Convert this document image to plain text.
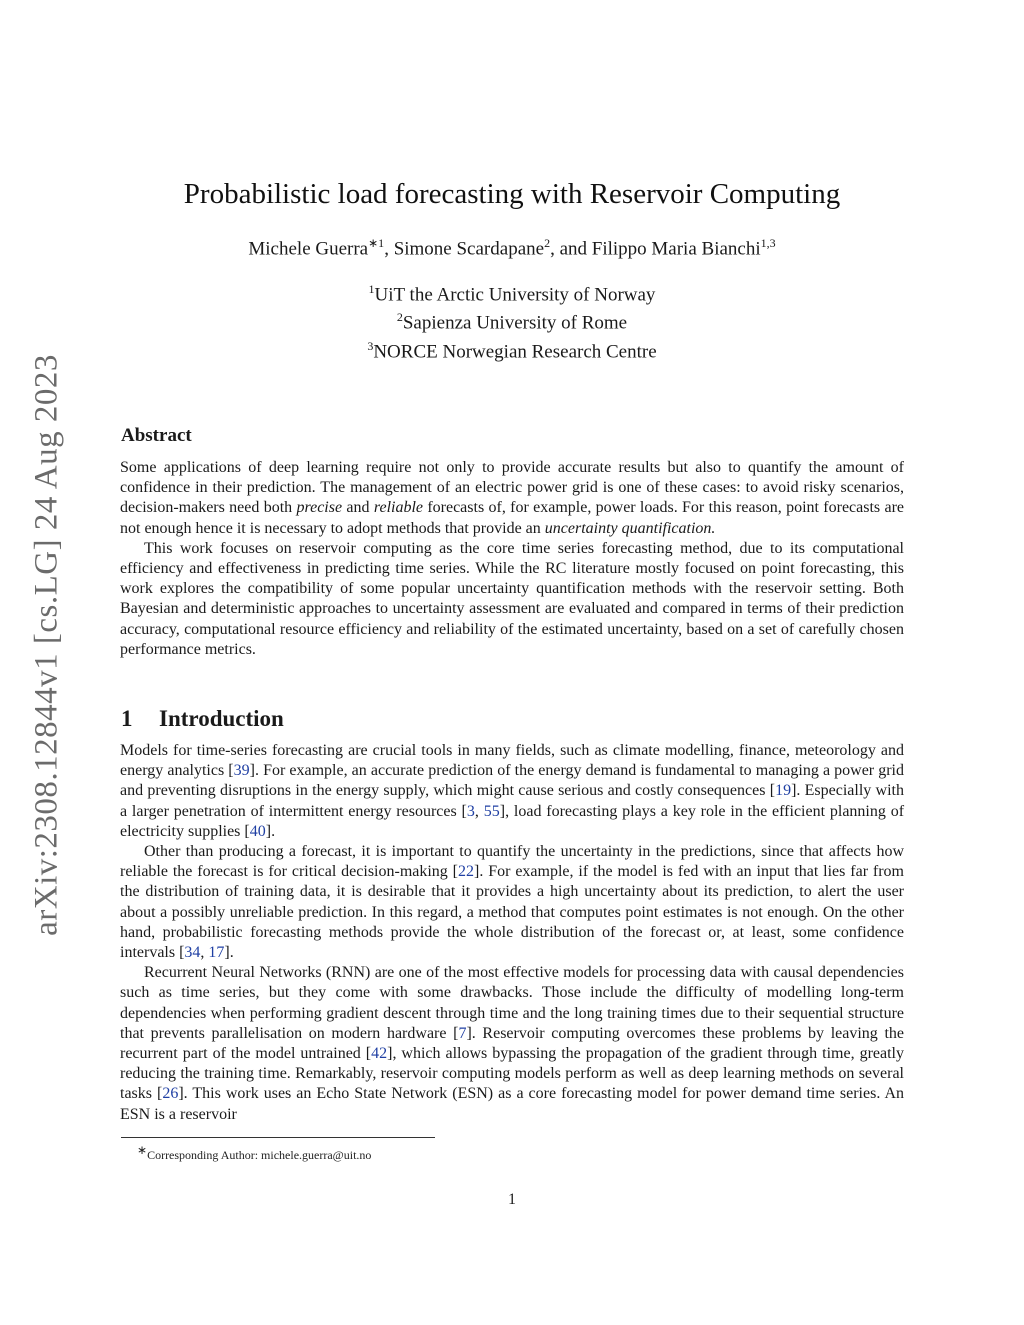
arXiv:2308.12844v1 [cs.LG] 24 Aug 2023
Probabilistic load forecasting with Reservoir Computing
Michele Guerra$^{∗1}$, Simone Scardapane$^2$, and Filippo Maria Bianchi$^{1,3}$
$^1$UiT the Arctic University of Norway
$^2$Sapienza University of Rome
$^3$NORCE Norwegian Research Centre
Abstract

Some applications of deep learning require not only to provide accurate results but also to quantify the amount of confidence in their prediction. The management of an electric power grid is one of these cases: to avoid risky scenarios, decision-makers need both precise and reliable forecasts of, for example, power loads. For this reason, point forecasts are not enough hence it is necessary to adopt methods that provide an uncertainty quantification.

This work focuses on reservoir computing as the core time series forecasting method, due to its computational efficiency and effectiveness in predicting time series. While the RC literature mostly focused on point forecasting, this work explores the compatibility of some popular uncertainty quantification methods with the reservoir setting. Both Bayesian and deterministic approaches to uncertainty assessment are evaluated and compared in terms of their prediction accuracy, computational resource efficiency and reliability of the estimated uncertainty, based on a set of carefully chosen performance metrics.

1 Introduction

Models for time-series forecasting are crucial tools in many fields, such as climate modelling, finance, meteorology and energy analytics [39]. For example, an accurate prediction of the energy demand is fundamental to managing a power grid and preventing disruptions in the energy supply, which might cause serious and costly consequences [19]. Especially with a larger penetration of intermittent energy resources [3, 55], load forecasting plays a key role in the efficient planning of electricity supplies [40].

Other than producing a forecast, it is important to quantify the uncertainty in the predictions, since that affects how reliable the forecast is for critical decision-making [22]. For example, if the model is fed with an input that lies far from the distribution of training data, it is desirable that it provides a high uncertainty about its prediction, to alert the user about a possibly unreliable prediction. In this regard, a method that computes point estimates is not enough. On the other hand, probabilistic forecasting methods provide the whole distribution of the forecast or, at least, some confidence intervals [34, 17].

Recurrent Neural Networks (RNN) are one of the most effective models for processing data with causal dependencies such as time series, but they come with some drawbacks. Those include the difficulty of modelling long-term dependencies when performing gradient descent through time and the long training times due to their sequential structure that prevents parallelisation on modern hardware [7]. Reservoir computing overcomes these problems by leaving the recurrent part of the model untrained [42], which allows bypassing the propagation of the gradient through time, greatly reducing the training time. Remarkably, reservoir computing models perform as well as deep learning methods on several tasks [26]. This work uses an Echo State Network (ESN) as a core forecasting model for power demand time series. An ESN is a reservoir

∗Corresponding Author: michele.guerra@uit.no
1
